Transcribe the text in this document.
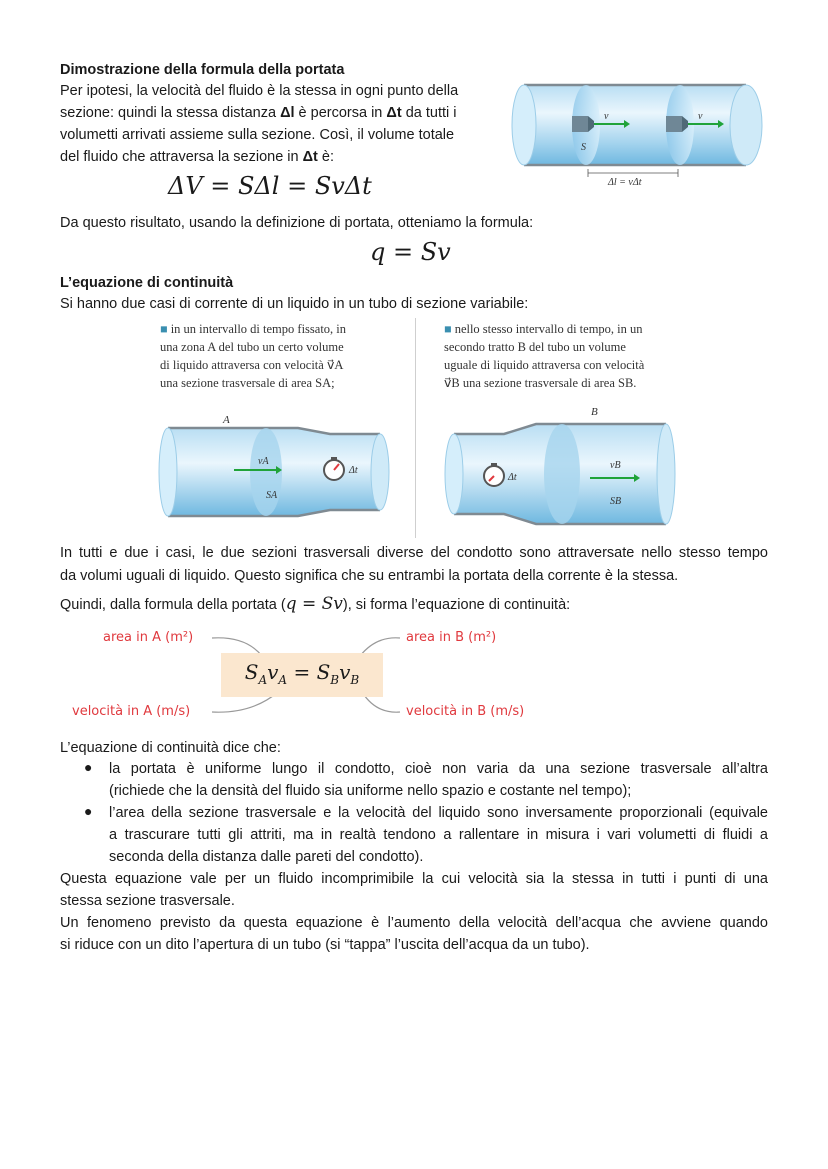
Dimostrazione della formula della portata
Per ipotesi, la velocità del fluido è la stessa in ogni punto della
sezione: quindi la stessa distanza Δl è percorsa in Δt da tutti i
volumetti arrivati assieme sulla sezione. Così, il volume totale
del fluido che attraversa la sezione in Δt è:
ΔV = SΔl = SvΔt
v	v
S
Δl = vΔt
Da questo risultato, usando la definizione di portata, otteniamo la formula:
q = Sv
L’equazione di continuità
Si hanno due casi di corrente di un liquido in un tubo di sezione variabile:
■ in un intervallo di tempo fissato, in
una zona A del tubo un certo volume
di liquido attraversa con velocità v⃗A
una sezione trasversale di area SA;
■ nello stesso intervallo di tempo, in un
secondo tratto B del tubo un volume
uguale di liquido attraversa con velocità
v⃗B una sezione trasversale di area SB.
A
vA
SA
Δt
B
vB
SB
Δt
In tutti e due i casi, le due sezioni trasversali diverse del condotto sono attraversate nello stesso tempo
da volumi uguali di liquido. Questo significa che su entrambi la portata della corrente è la stessa.
Quindi, dalla formula della portata (q = Sv), si forma l’equazione di continuità:
$S_Av_A = S_Bv_B$
area in A (m²)	area in B (m²)
velocità in A (m/s)	velocità in B (m/s)
L’equazione di continuità dice che:
● la portata è uniforme lungo il condotto, cioè non varia da una sezione trasversale all’altra
(richiede che la densità del fluido sia uniforme nello spazio e costante nel tempo);
● l’area della sezione trasversale e la velocità del liquido sono inversamente proporzionali (equivale
a trascurare tutti gli attriti, ma in realtà tendono a rallentare in misura i vari volumetti di fluidi a
seconda della distanza dalle pareti del condotto).
Questa equazione vale per un fluido incomprimibile la cui velocità sia la stessa in tutti i punti di una
stessa sezione trasversale.
Un fenomeno previsto da questa equazione è l’aumento della velocità dell’acqua che avviene quando
si riduce con un dito l’apertura di un tubo (si “tappa” l’uscita dell’acqua da un tubo).
